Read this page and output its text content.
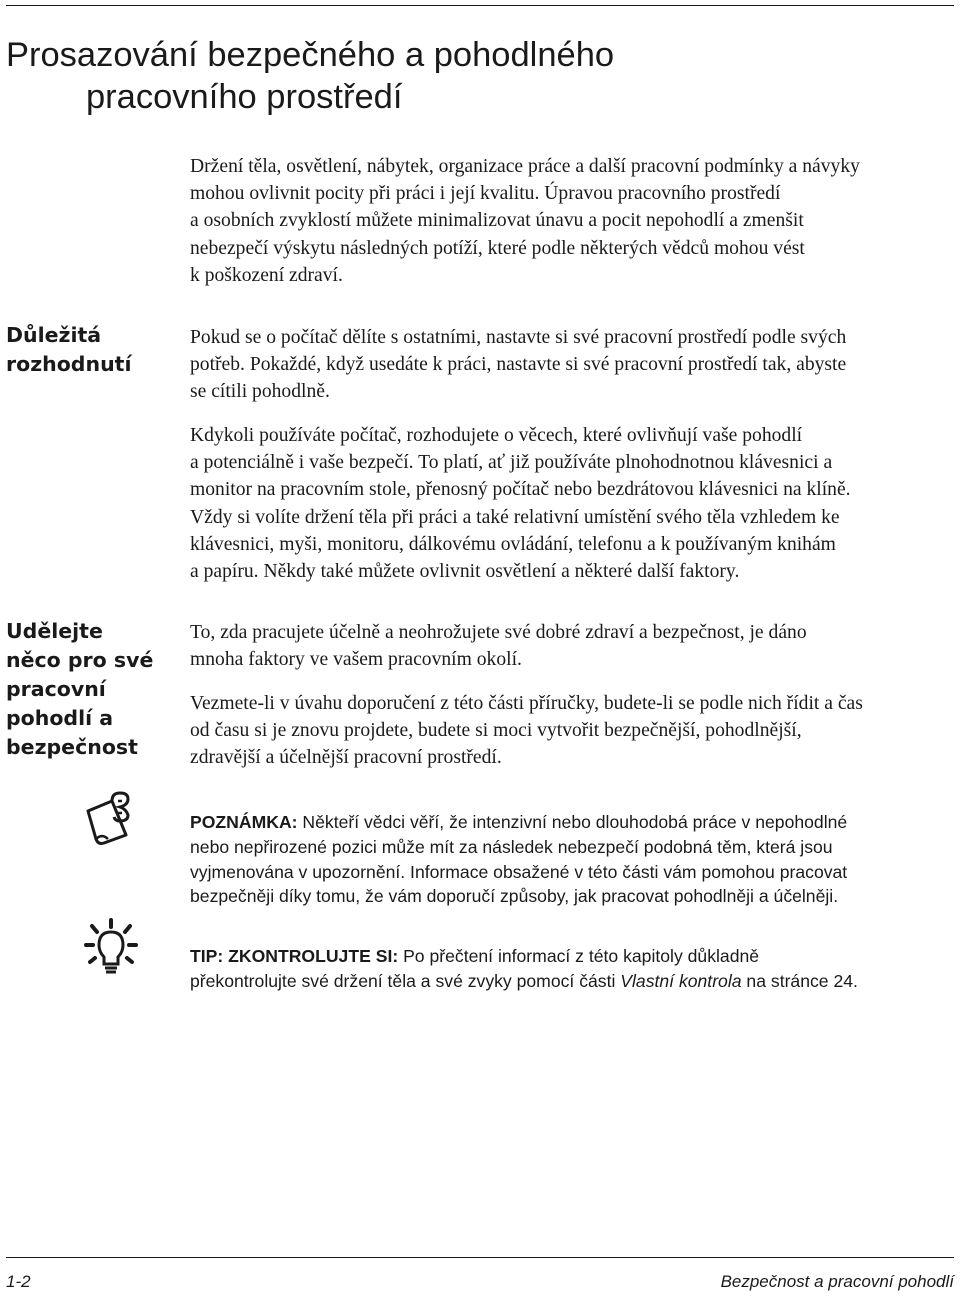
Prosazování bezpečného a pohodlného
pracovního prostředí
Držení těla, osvětlení, nábytek, organizace práce a další pracovní podmínky a návyky
mohou ovlivnit pocity při práci i její kvalitu. Úpravou pracovního prostředí
a osobních zvyklostí můžete minimalizovat únavu a pocit nepohodlí a zmenšit
nebezpečí výskytu následných potíží, které podle některých vědců mohou vést
k poškození zdraví.
Důležitá
rozhodnutí
Pokud se o počítač dělíte s ostatními, nastavte si své pracovní prostředí podle svých
potřeb. Pokaždé, když usedáte k práci, nastavte si své pracovní prostředí tak, abyste
se cítili pohodlně.
Kdykoli používáte počítač, rozhodujete o věcech, které ovlivňují vaše pohodlí
a potenciálně i vaše bezpečí. To platí, ať již používáte plnohodnotnou klávesnici a
monitor na pracovním stole, přenosný počítač nebo bezdrátovou klávesnici na klíně.
Vždy si volíte držení těla při práci a také relativní umístění svého těla vzhledem ke
klávesnici, myši, monitoru, dálkovému ovládání, telefonu a k používaným knihám
a papíru. Někdy také můžete ovlivnit osvětlení a některé další faktory.
Udělejte
něco pro své
pracovní
pohodlí a
bezpečnost
To, zda pracujete účelně a neohrožujete své dobré zdraví a bezpečnost, je dáno
mnoha faktory ve vašem pracovním okolí.
Vezmete-li v úvahu doporučení z této části příručky, budete-li se podle nich řídit a čas
od času si je znovu projdete, budete si moci vytvořit bezpečnější, pohodlnější,
zdravější a účelnější pracovní prostředí.
POZNÁMKA: Někteří vědci věří, že intenzivní nebo dlouhodobá práce v nepohodlné
nebo nepřirozené pozici může mít za následek nebezpečí podobná těm, která jsou
vyjmenována v upozornění. Informace obsažené v této části vám pomohou pracovat
bezpečněji díky tomu, že vám doporučí způsoby, jak pracovat pohodlněji a účelněji.
TIP: ZKONTROLUJTE SI: Po přečtení informací z této kapitoly důkladně
překontrolujte své držení těla a své zvyky pomocí části Vlastní kontrola na stránce 24.

1-2	Bezpečnost a pracovní pohodlí
